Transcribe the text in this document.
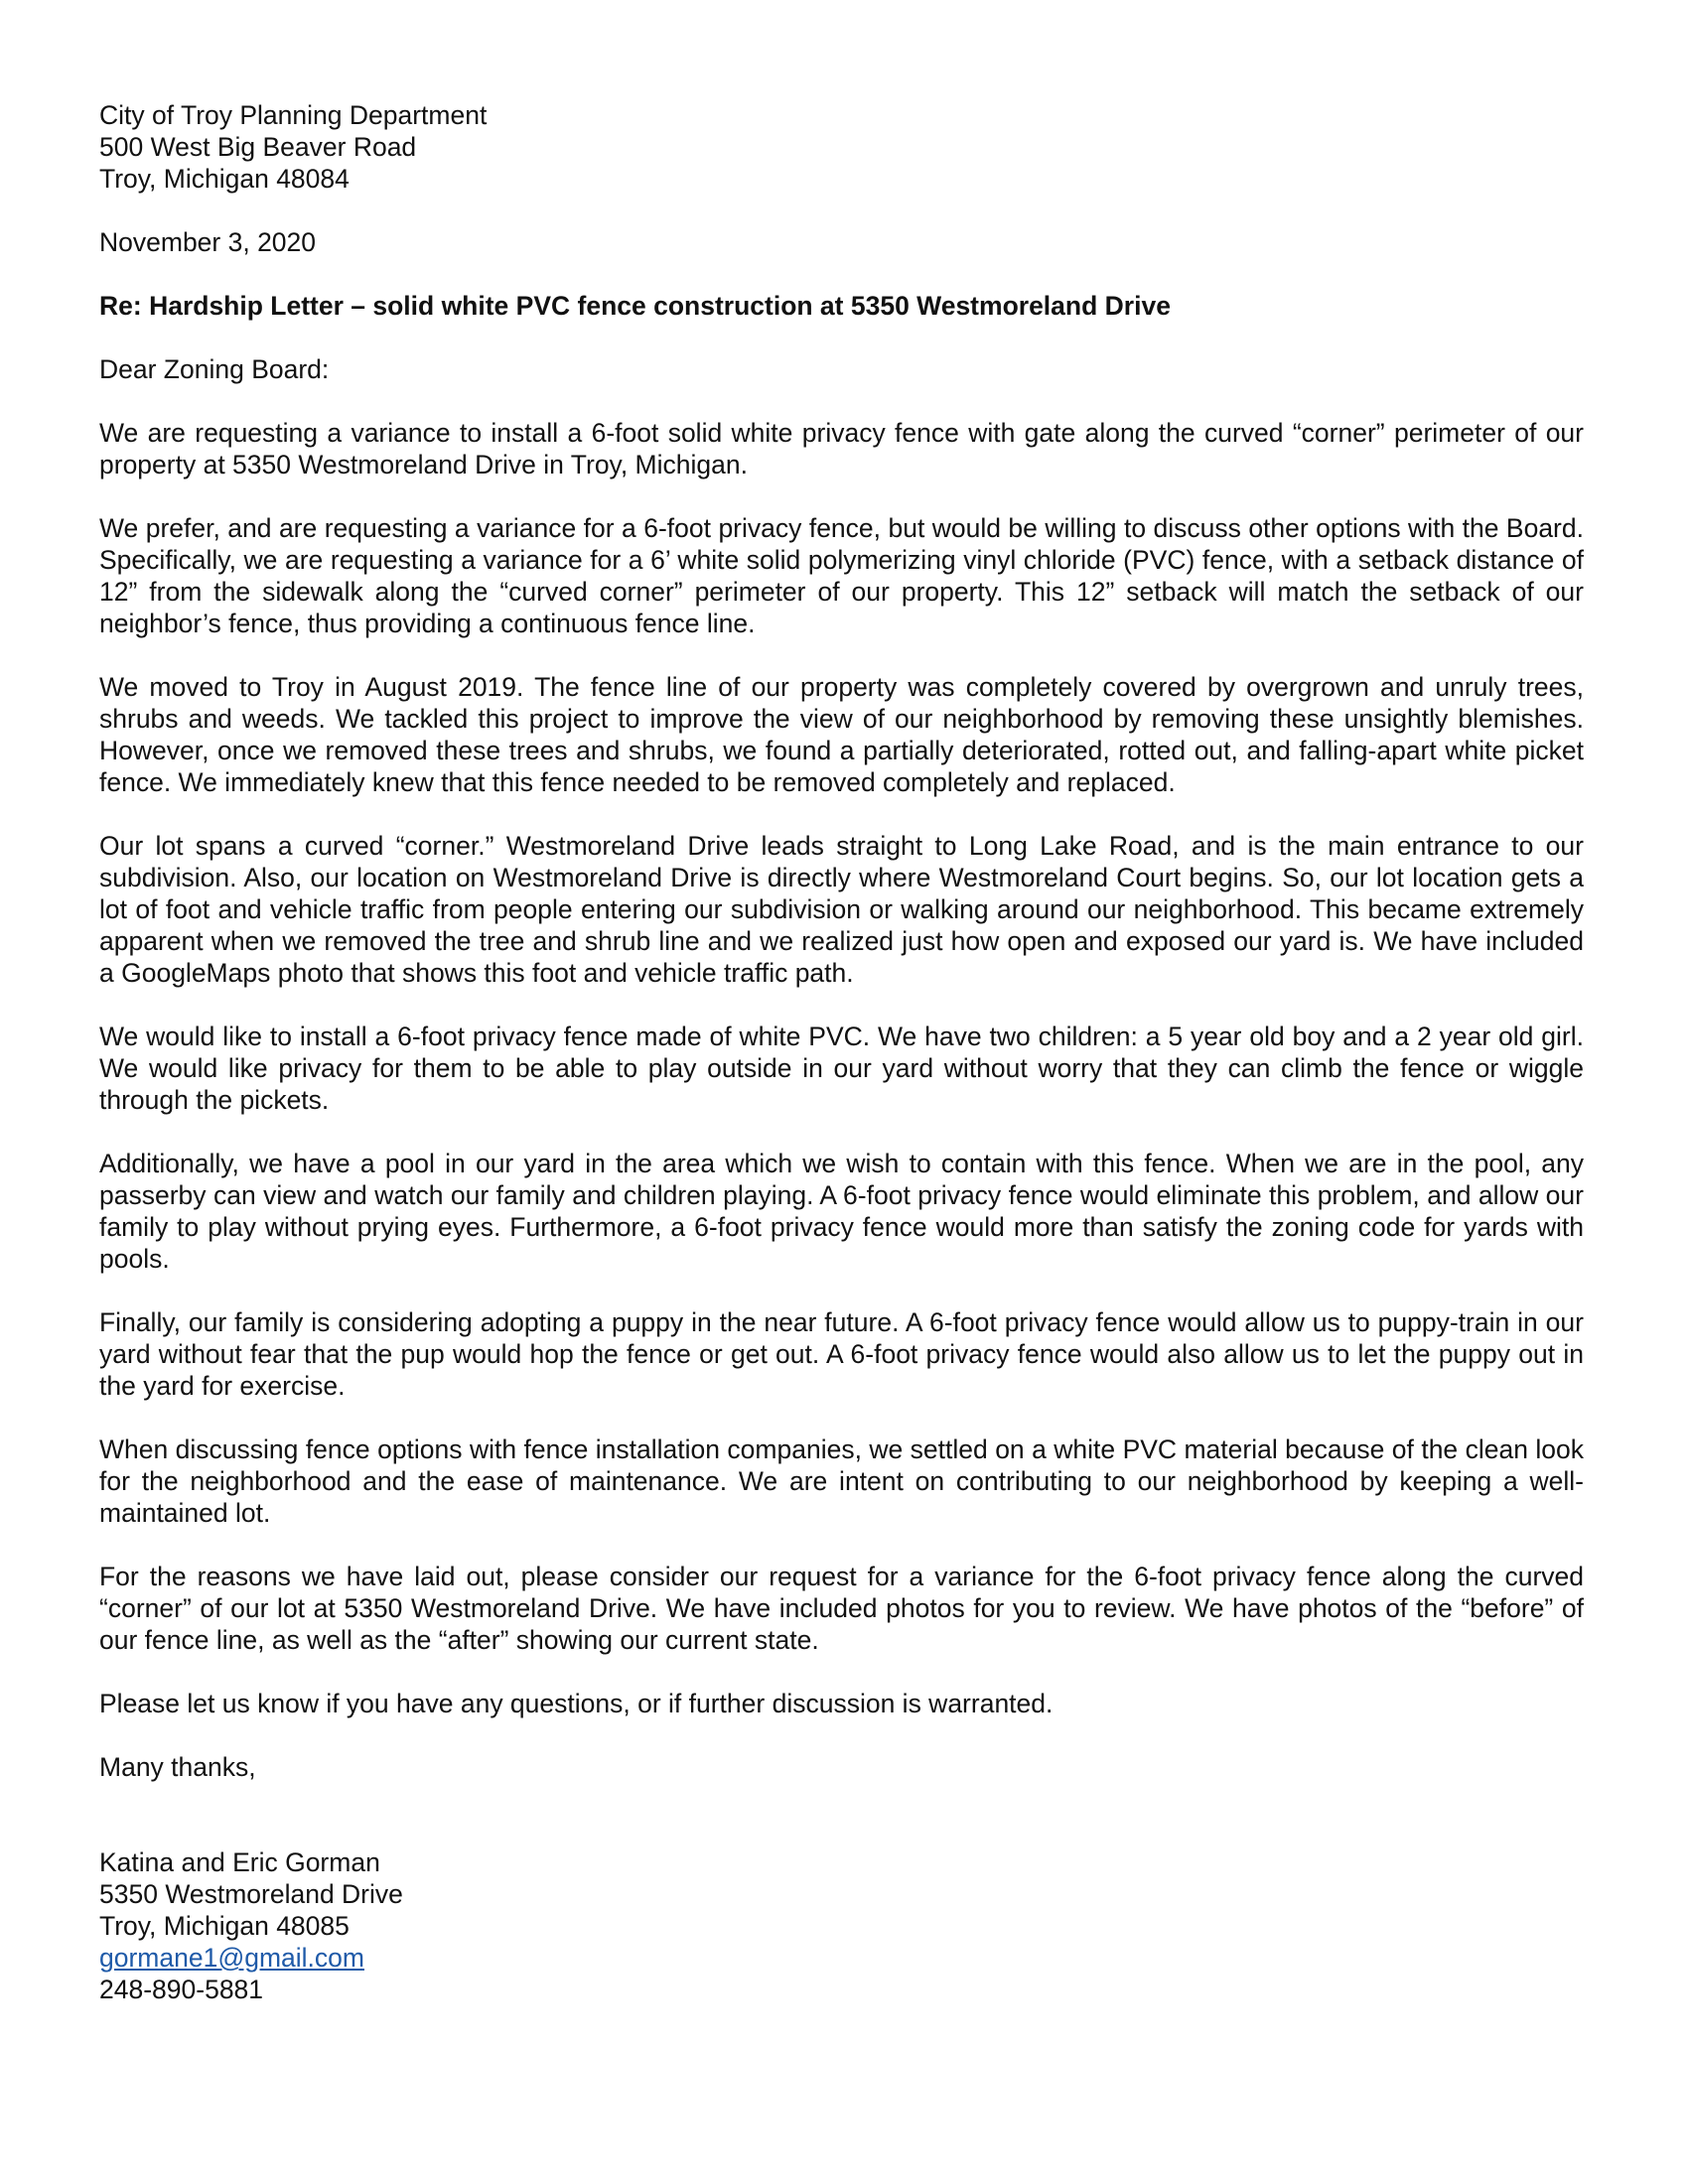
City of Troy Planning Department
500 West Big Beaver Road
Troy, Michigan 48084
November 3, 2020
Re: Hardship Letter – solid white PVC fence construction at 5350 Westmoreland Drive
Dear Zoning Board:

We are requesting a variance to install a 6-foot solid white privacy fence with gate along the curved “corner” perimeter of our property at 5350 Westmoreland Drive in Troy, Michigan.

We prefer, and are requesting a variance for a 6-foot privacy fence, but would be willing to discuss other options with the Board. Specifically, we are requesting a variance for a 6’ white solid polymerizing vinyl chloride (PVC) fence, with a setback distance of 12” from the sidewalk along the “curved corner” perimeter of our property. This 12” setback will match the setback of our neighbor’s fence, thus providing a continuous fence line.

We moved to Troy in August 2019. The fence line of our property was completely covered by overgrown and unruly trees, shrubs and weeds. We tackled this project to improve the view of our neighborhood by removing these unsightly blemishes. However, once we removed these trees and shrubs, we found a partially deteriorated, rotted out, and falling-apart white picket fence. We immediately knew that this fence needed to be removed completely and replaced.

Our lot spans a curved “corner.” Westmoreland Drive leads straight to Long Lake Road, and is the main entrance to our subdivision. Also, our location on Westmoreland Drive is directly where Westmoreland Court begins. So, our lot location gets a lot of foot and vehicle traffic from people entering our subdivision or walking around our neighborhood. This became extremely apparent when we removed the tree and shrub line and we realized just how open and exposed our yard is. We have included a GoogleMaps photo that shows this foot and vehicle traffic path.

We would like to install a 6-foot privacy fence made of white PVC. We have two children: a 5 year old boy and a 2 year old girl. We would like privacy for them to be able to play outside in our yard without worry that they can climb the fence or wiggle through the pickets.

Additionally, we have a pool in our yard in the area which we wish to contain with this fence. When we are in the pool, any passerby can view and watch our family and children playing. A 6-foot privacy fence would eliminate this problem, and allow our family to play without prying eyes. Furthermore, a 6-foot privacy fence would more than satisfy the zoning code for yards with pools.

Finally, our family is considering adopting a puppy in the near future. A 6-foot privacy fence would allow us to puppy-train in our yard without fear that the pup would hop the fence or get out. A 6-foot privacy fence would also allow us to let the puppy out in the yard for exercise.

When discussing fence options with fence installation companies, we settled on a white PVC material because of the clean look for the neighborhood and the ease of maintenance. We are intent on contributing to our neighborhood by keeping a well-maintained lot.

For the reasons we have laid out, please consider our request for a variance for the 6-foot privacy fence along the curved “corner” of our lot at 5350 Westmoreland Drive. We have included photos for you to review. We have photos of the “before” of our fence line, as well as the “after” showing our current state.

Please let us know if you have any questions, or if further discussion is warranted.

Many thanks,
Katina and Eric Gorman
5350 Westmoreland Drive
Troy, Michigan 48085
gormane1@gmail.com
248-890-5881
